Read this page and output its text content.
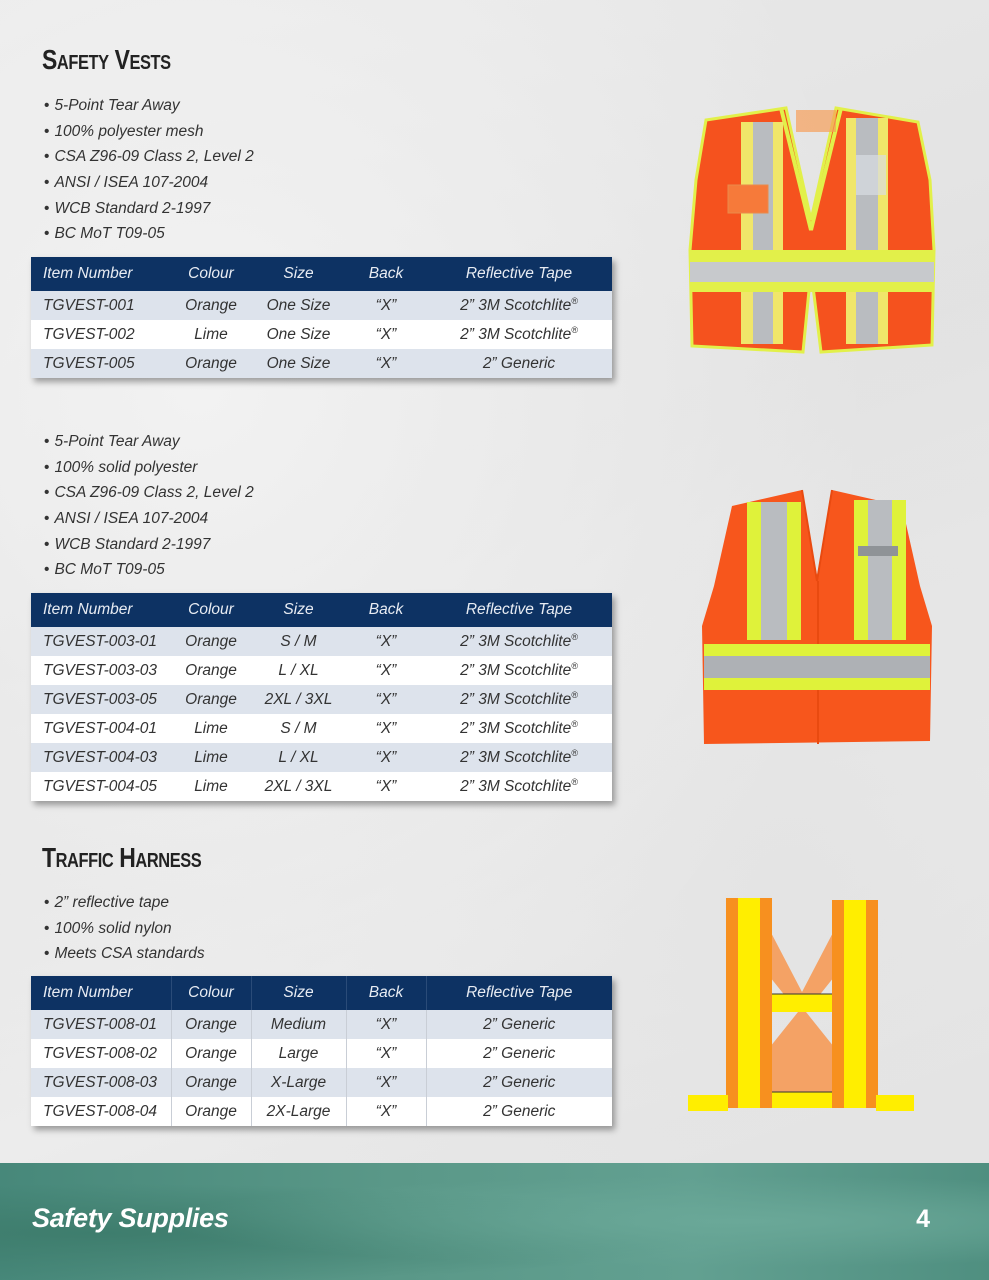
Safety Vests
• 5-Point Tear Away
• 100% polyester mesh
• CSA Z96-09 Class 2, Level 2
• ANSI / ISEA 107-2004
• WCB Standard 2-1997
• BC MoT T09-05
Item Number	Colour	Size	Back	Reflective Tape
TGVEST-001	Orange	One Size	“X”	2” 3M Scotchlite®
TGVEST-002	Lime	One Size	“X”	2” 3M Scotchlite®
TGVEST-005	Orange	One Size	“X”	2” Generic
• 5-Point Tear Away
• 100% solid polyester
• CSA Z96-09 Class 2, Level 2
• ANSI / ISEA 107-2004
• WCB Standard 2-1997
• BC MoT T09-05
Item Number	Colour	Size	Back	Reflective Tape
TGVEST-003-01	Orange	S / M	“X”	2” 3M Scotchlite®
TGVEST-003-03	Orange	L / XL	“X”	2” 3M Scotchlite®
TGVEST-003-05	Orange	2XL / 3XL	“X”	2” 3M Scotchlite®
TGVEST-004-01	Lime	S / M	“X”	2” 3M Scotchlite®
TGVEST-004-03	Lime	L / XL	“X”	2” 3M Scotchlite®
TGVEST-004-05	Lime	2XL / 3XL	“X”	2” 3M Scotchlite®
Traffic Harness
• 2” reflective tape
• 100% solid nylon
• Meets CSA standards
Item Number	Colour	Size	Back	Reflective Tape
TGVEST-008-01	Orange	Medium	“X”	2” Generic
TGVEST-008-02	Orange	Large	“X”	2” Generic
TGVEST-008-03	Orange	X-Large	“X”	2” Generic
TGVEST-008-04	Orange	2X-Large	“X”	2” Generic
Safety Supplies	4
